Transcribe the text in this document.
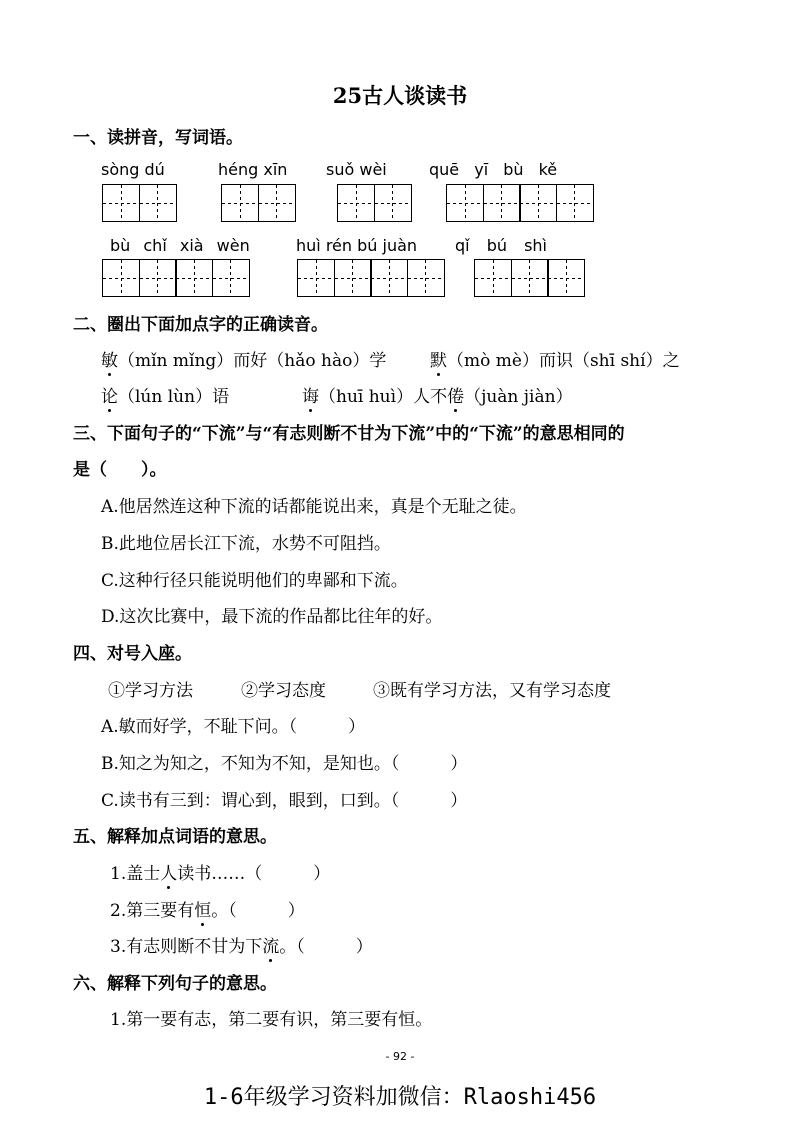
25古人谈读书
一、读拼音，写词语。
sòng dú	héng xīn suǒ wèi	quē yī bù kě
bù chǐ xià wèn	huì rén bú juàn qǐ bú shì
二、圈出下面加点字的正确读音。
敏（mǐn mǐng）而好（hǎo hào）学	默（mò mè）而识（shī shí）之
论（lún lùn）语	诲（huī huì）人不倦（juàn jiàn）
三、下面句子的“下流”与“有志则断不甘为下流”中的“下流”的意思相同的
是（　　）。
A.他居然连这种下流的话都能说出来，真是个无耻之徒。
B.此地位居长江下流，水势不可阻挡。
C.这种行径只能说明他们的卑鄙和下流。
D.这次比赛中，最下流的作品都比往年的好。
四、对号入座。
①学习方法	②学习态度	③既有学习方法，又有学习态度
A.敏而好学，不耻下问。（　　　）
B.知之为知之，不知为不知，是知也。（　　　）
C.读书有三到：谓心到，眼到，口到。（　　　）
五、解释加点词语的意思。
1.盖士人读书……（　　　）
2.第三要有恒。（　　　）
3.有志则断不甘为下流。（　　　）
六、解释下列句子的意思。
1.第一要有志，第二要有识，第三要有恒。
- 92 -
1-6年级学习资料加微信：Rlaoshi456
